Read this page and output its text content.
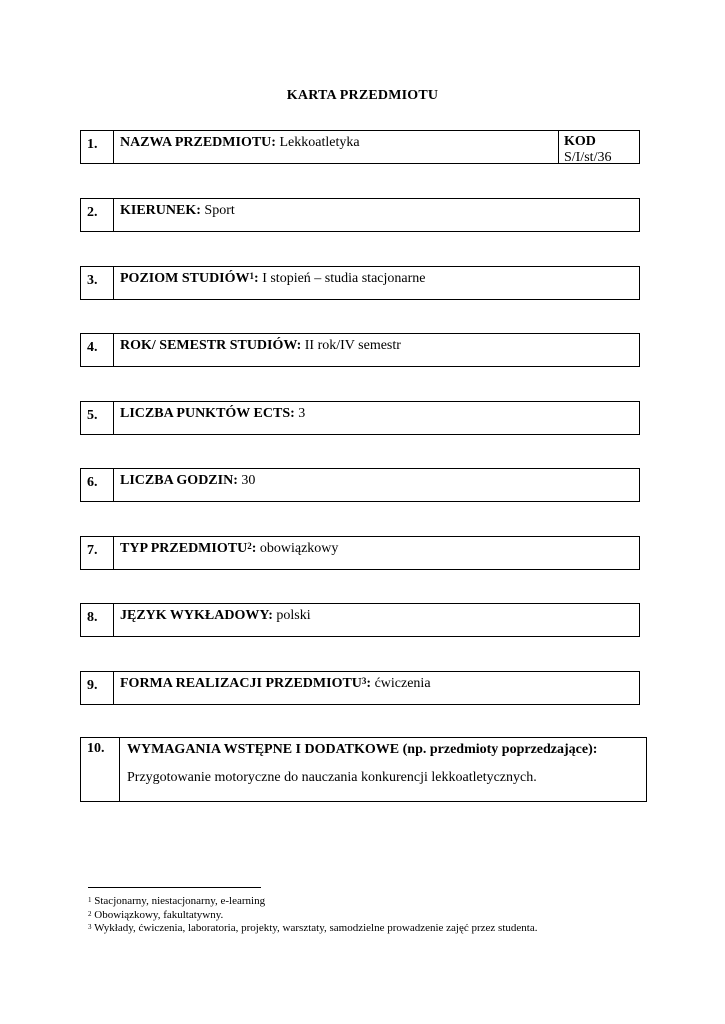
KARTA PRZEDMIOTU
1.	NAZWA PRZEDMIOTU: Lekkoatletyka	KOD
S/I/st/36
2.	KIERUNEK: Sport
3.	POZIOM STUDIÓW$^1$: I stopień – studia stacjonarne
4.	ROK/ SEMESTR STUDIÓW: II rok/IV semestr
5.	LICZBA PUNKTÓW ECTS: 3
6.	LICZBA GODZIN: 30
7.	TYP PRZEDMIOTU$^2$: obowiązkowy
8.	JĘZYK WYKŁADOWY: polski
9.	FORMA REALIZACJI PRZEDMIOTU$^3$: ćwiczenia
10.	WYMAGANIA WSTĘPNE I DODATKOWE (np. przedmioty poprzedzające):
Przygotowanie motoryczne do nauczania konkurencji lekkoatletycznych.
$^1$ Stacjonarny, niestacjonarny, e-learning
$^2$ Obowiązkowy, fakultatywny.
$^3$ Wykłady, ćwiczenia, laboratoria, projekty, warsztaty, samodzielne prowadzenie zajęć przez studenta.
